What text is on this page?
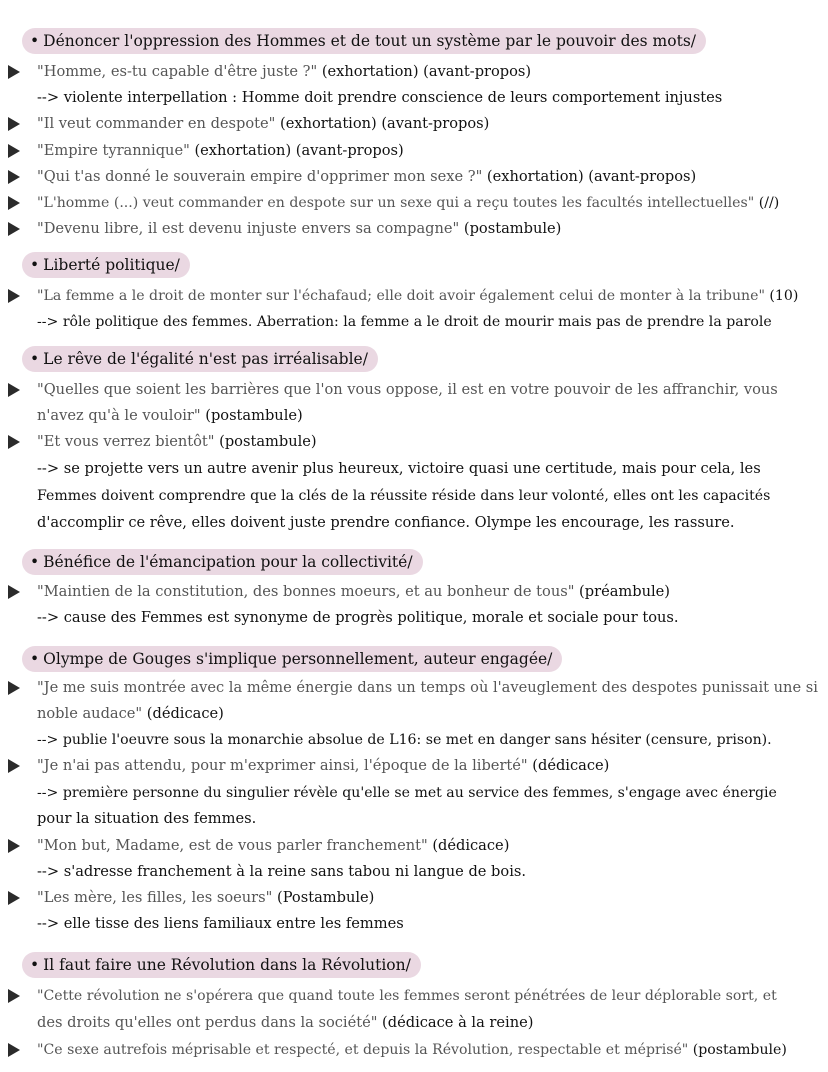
• Dénoncer l'oppression des Hommes et de tout un système par le pouvoir des mots/
"Homme, es-tu capable d'être juste ?" (exhortation) (avant-propos)
--> violente interpellation : Homme doit prendre conscience de leurs comportement injustes
"Il veut commander en despote" (exhortation) (avant-propos)
"Empire tyrannique" (exhortation) (avant-propos)
"Qui t'as donné le souverain empire d'opprimer mon sexe ?" (exhortation) (avant-propos)
"L'homme (...) veut commander en despote sur un sexe qui a reçu toutes les facultés intellectuelles" (//)
"Devenu libre, il est devenu injuste envers sa compagne" (postambule)
• Liberté politique/
"La femme a le droit de monter sur l'échafaud; elle doit avoir également celui de monter à la tribune" (10)
--> rôle politique des femmes. Aberration: la femme a le droit de mourir mais pas de prendre la parole
• Le rêve de l'égalité n'est pas irréalisable/
"Quelles que soient les barrières que l'on vous oppose, il est en votre pouvoir de les affranchir, vous
n'avez qu'à le vouloir" (postambule)
"Et vous verrez bientôt" (postambule)
--> se projette vers un autre avenir plus heureux, victoire quasi une certitude, mais pour cela, les
Femmes doivent comprendre que la clés de la réussite réside dans leur volonté, elles ont les capacités
d'accomplir ce rêve, elles doivent juste prendre confiance. Olympe les encourage, les rassure.
• Bénéfice de l'émancipation pour la collectivité/
"Maintien de la constitution, des bonnes moeurs, et au bonheur de tous" (préambule)
--> cause des Femmes est synonyme de progrès politique, morale et sociale pour tous.
• Olympe de Gouges s'implique personnellement, auteur engagée/
"Je me suis montrée avec la même énergie dans un temps où l'aveuglement des despotes punissait une si
noble audace" (dédicace)
--> publie l'oeuvre sous la monarchie absolue de L16: se met en danger sans hésiter (censure, prison).
"Je n'ai pas attendu, pour m'exprimer ainsi, l'époque de la liberté" (dédicace)
--> première personne du singulier révèle qu'elle se met au service des femmes, s'engage avec énergie
pour la situation des femmes.
"Mon but, Madame, est de vous parler franchement" (dédicace)
--> s'adresse franchement à la reine sans tabou ni langue de bois.
"Les mère, les filles, les soeurs" (Postambule)
--> elle tisse des liens familiaux entre les femmes
• Il faut faire une Révolution dans la Révolution/
"Cette révolution ne s'opérera que quand toute les femmes seront pénétrées de leur déplorable sort, et
des droits qu'elles ont perdus dans la société" (dédicace à la reine)
"Ce sexe autrefois méprisable et respecté, et depuis la Révolution, respectable et méprisé" (postambule)
